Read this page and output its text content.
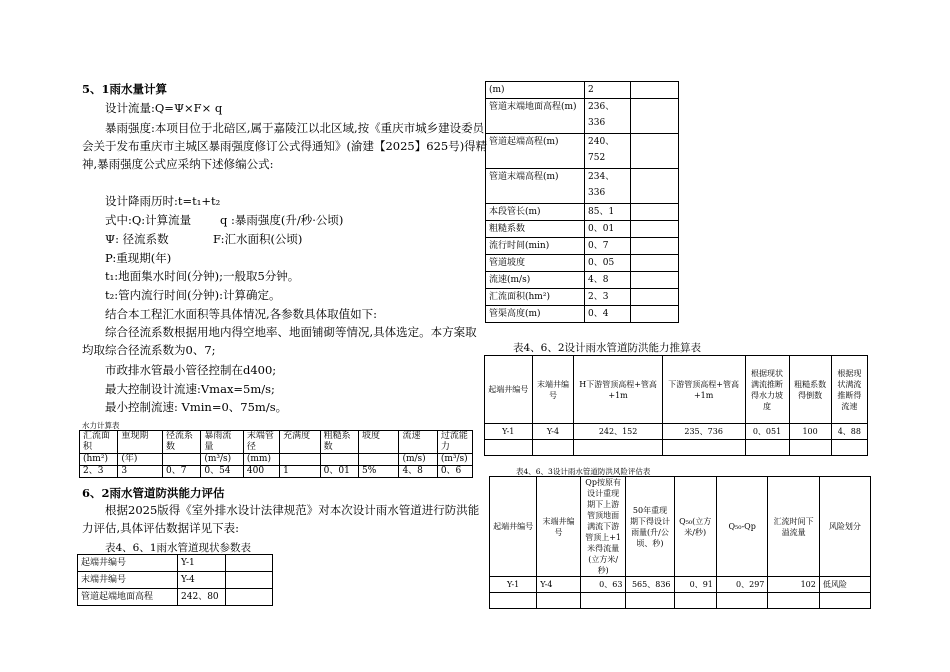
5、1雨水量计算
设计流量:Q=Ψ×F× q
暴雨强度:本项目位于北碚区,属于嘉陵江以北区域,按《重庆市城乡建设委员
会关于发布重庆市主城区暴雨强度修订公式得通知》(渝建【2025】625号)得精
神,暴雨强度公式应采纳下述修编公式:
设计降雨历时:t=t₁+t₂
式中:Q:计算流量	q :暴雨强度(升/秒·公顷)
Ψ: 径流系数	F:汇水面积(公顷)
P:重现期(年)
t₁:地面集水时间(分钟);一般取5分钟。
t₂:管内流行时间(分钟):计算确定。
结合本工程汇水面积等具体情况,各参数具体取值如下:
综合径流系数根据用地内得空地率、地面铺砌等情况,具体选定。本方案取
均取综合径流系数为0、7;
市政排水管最小管径控制在d400;
最大控制设计流速:Vmax=5m/s;
最小控制流速: Vmin=0、75m/s。
水力计算表
汇流面积	重现期	径流系数	暴雨流量	末端管径	充满度	粗糙系数	坡度	流速	过流能力
(hm²)	(年)		(m³/s)	(mm)				(m/s)	(m³/s)
2、3	3	0、7	0、54	400	1	0、01	5%	4、8	0、6
6、2雨水管道防洪能力评估
根据2025版得《室外排水设计法律规范》对本次设计雨水管道进行防洪能
力评估,具体评估数据详见下表:
表4、6、1雨水管道现状参数表
起端井编号	Y-1	
末端井编号	Y-4	
管道起端地面高程	242、80	
(m)	2	
管道末端地面高程(m)	236、336	
管道起端高程(m)	240、752	
管道末端高程(m)	234、336	
本段管长(m)	85、1	
粗糙系数	0、01	
流行时间(min)	0、7	
管道坡度	0、05	
流速(m/s)	4、8	
汇流面积(hm²)	2、3	
管渠高度(m)	0、4	
表4、6、2设计雨水管道防洪能力推算表
起端井编号	末端井编号	H下游管顶高程+管高+1m	下游管顶高程+管高+1m	根据现状满流推断得水力坡度	粗糙系数得倒数	根据现状满流推断得流速
Y-1	Y-4	242、152	235、736	0、051	100	4、88

表4、6、3设计雨水管道防洪风险评估表
起端井编号	末端井编号	Qp按原有设计重现期下上游管顶地面满流下游管顶上+1米得流量(立方米/秒)	50年重现期下得设计雨量(升/公顷、秒)	Q₅₀(立方米/秒)	Q₅₀-Qp	汇流时间下溢流量	风险划分
Y-1	Y-4	0、63	565、836	0、91	0、297	102	低风险
